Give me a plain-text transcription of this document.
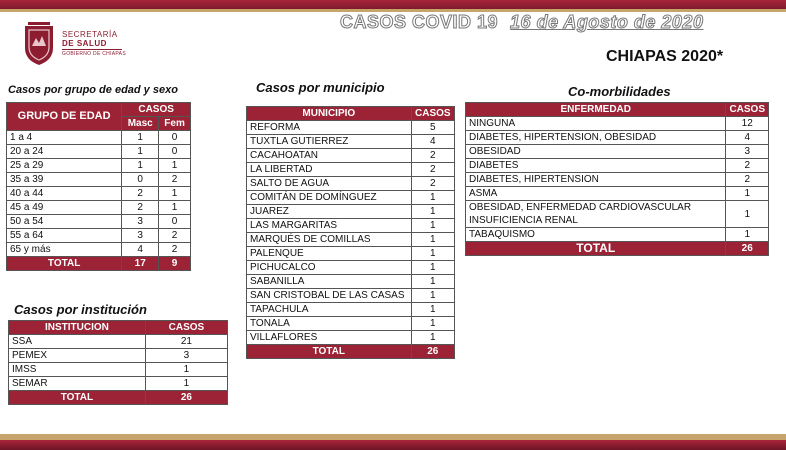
SECRETARÍA
DE SALUD
GOBIERNO DE CHIAPAS
CASOS COVID 19 16 de Agosto de 2020
CHIAPAS 2020*
Casos por grupo de edad y sexo
GRUPO DE EDAD	CASOS	
	Masc	Fem
1 a 4	1	0
20 a 24	1	0
25 a 29	1	1
35 a 39	0	2
40 a 44	2	1
45 a 49	2	1
50 a 54	3	0
55 a 64	3	2
65 y más	4	2
TOTAL	17	9
Casos por municipio
MUNICIPIO	CASOS
REFORMA	5
TUXTLA GUTIERREZ	4
CACAHOATAN	2
LA LIBERTAD	2
SALTO DE AGUA	2
COMITÁN DE DOMÍNGUEZ	1
JUAREZ	1
LAS MARGARITAS	1
MARQUÉS DE COMILLAS	1
PALENQUE	1
PICHUCALCO	1
SABANILLA	1
SAN CRISTOBAL DE LAS CASAS	1
TAPACHULA	1
TONALA	1
VILLAFLORES	1
TOTAL	26
Co-morbilidades
ENFERMEDAD	CASOS
NINGUNA	12
DIABETES, HIPERTENSION, OBESIDAD	4
OBESIDAD	3
DIABETES	2
DIABETES, HIPERTENSION	2
ASMA	1
OBESIDAD, ENFERMEDAD CARDIOVASCULAR INSUFICIENCIA RENAL	1
TABAQUISMO	1
TOTAL	26
Casos por institución
INSTITUCION	CASOS
SSA	21
PEMEX	3
IMSS	1
SEMAR	1
TOTAL	26
